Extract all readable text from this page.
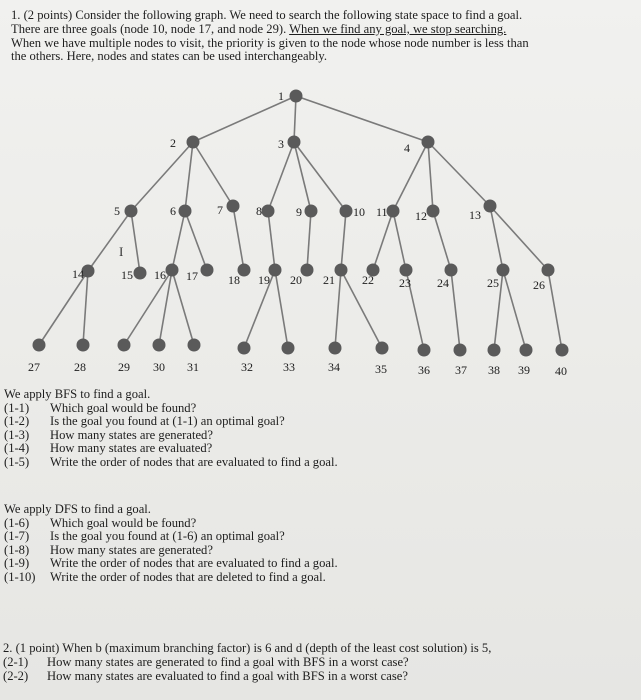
1. (2 points) Consider the following graph. We need to search the following state space to find a goal.
There are three goals (node 10, node 17, and node 29). When we find any goal, we stop searching.
When we have multiple nodes to visit, the priority is given to the node whose node number is less than
the others. Here, nodes and states can be used interchangeably.
1
2	3	4
5	6	7	8	9	10 11 12	13
14	15 16 17	18 19 20 21 22 23 24	25	26
27	28	29 30 31	32	33	34	35	36 37 38 39 40
I
We apply BFS to find a goal.
(1-1)	Which goal would be found?
(1-2)	Is the goal you found at (1-1) an optimal goal?
(1-3)	How many states are generated?
(1-4)	How many states are evaluated?
(1-5)	Write the order of nodes that are evaluated to find a goal.
We apply DFS to find a goal.
(1-6)	Which goal would be found?
(1-7)	Is the goal you found at (1-6) an optimal goal?
(1-8)	How many states are generated?
(1-9)	Write the order of nodes that are evaluated to find a goal.
(1-10)	Write the order of nodes that are deleted to find a goal.
2. (1 point) When b (maximum branching factor) is 6 and d (depth of the least cost solution) is 5,
(2-1)	How many states are generated to find a goal with BFS in a worst case?
(2-2)	How many states are evaluated to find a goal with BFS in a worst case?
